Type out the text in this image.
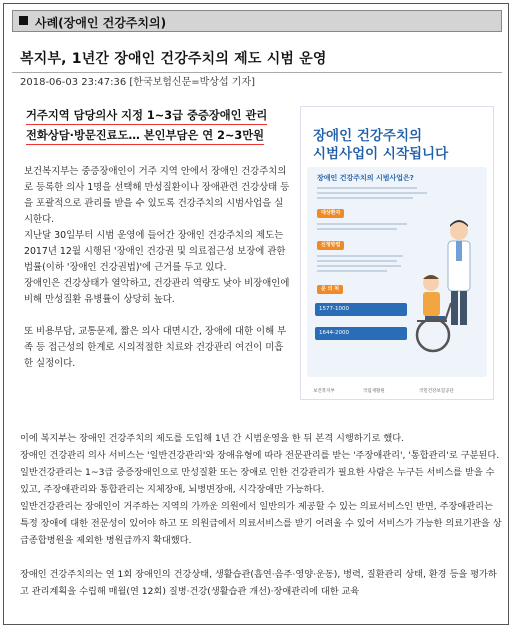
사례(장애인 건강주치의)
복지부, 1년간 장애인 건강주치의 제도 시범 운영
2018-06-03 23:47:36 [한국보험신문=박상섭 기자]
거주지역 담당의사 지정 1~3급 중증장애인 관리
전화상담·방문진료도… 본인부담은 연 2~3만원

보건복지부는 중증장애인이 거주 지역 안에서 장애인 건강주치의로 등록한 의사 1명을 선택해 만성질환이나 장애관련 건강상태 등을 포괄적으로 관리를 받을 수 있도록 건강주치의 시범사업을 실시한다.

지난달 30일부터 시범 운영에 들어간 장애인 건강주치의 제도는 2017년 12월 시행된 '장애인 건강권 및 의료접근성 보장에 관한 법률(이하 '장애인 건강권법)'에 근거를 두고 있다.

장애인은 건강상태가 열악하고, 건강관리 역량도 낮아 비장애인에 비해 만성질환 유병률이 상당히 높다.

또 비용부담, 교통문제, 짧은 의사 대면시간, 장애에 대한 이해 부족 등 접근성의 한계로 시의적절한 치료와 건강관리 여건이 미흡한 실정이다.

장애인 건강주치의
시범사업이 시작됩니다
장애인 건강주치의 시범사업은?
대상환자
신청방법
문 의 처
1577-1000
1644-2000
보건복지부	국립재활원	국민건강보험공단

이에 복지부는 장애인 건강주치의 제도를 도입해 1년 간 시범운영을 한 뒤 본격 시행하기로 했다.

장애인 건강관리 의사 서비스는 '일반건강관리'와 장애유형에 따라 전문관리를 받는 '주장애관리', '통합관리'로 구분된다.

일반건강관리는 1~3급 중증장애인으로 만성질환 또는 장애로 인한 건강관리가 필요한 사람은 누구든 서비스를 받을 수 있고, 주장애관리와 통합관리는 지체장애, 뇌병변장애, 시각장애만 가능하다.

일반건강관리는 장애인이 거주하는 지역의 가까운 의원에서 일반의가 제공할 수 있는 의료서비스인 반면, 주장애관리는 특정 장애에 대한 전문성이 있어야 하고 또 의원급에서 의료서비스를 받기 어려울 수 있어 서비스가 가능한 의료기관을 상급종합병원을 제외한 병원급까지 확대했다.

장애인 건강주치의는 연 1회 장애인의 건강상태, 생활습관(흡연·음주·영양·운동), 병력, 질환관리 상태, 환경 등을 평가하고 관리계획을 수립해 매월(연 12회) 질병·건강(생활습관 개선)·장애관리에 대한 교육
